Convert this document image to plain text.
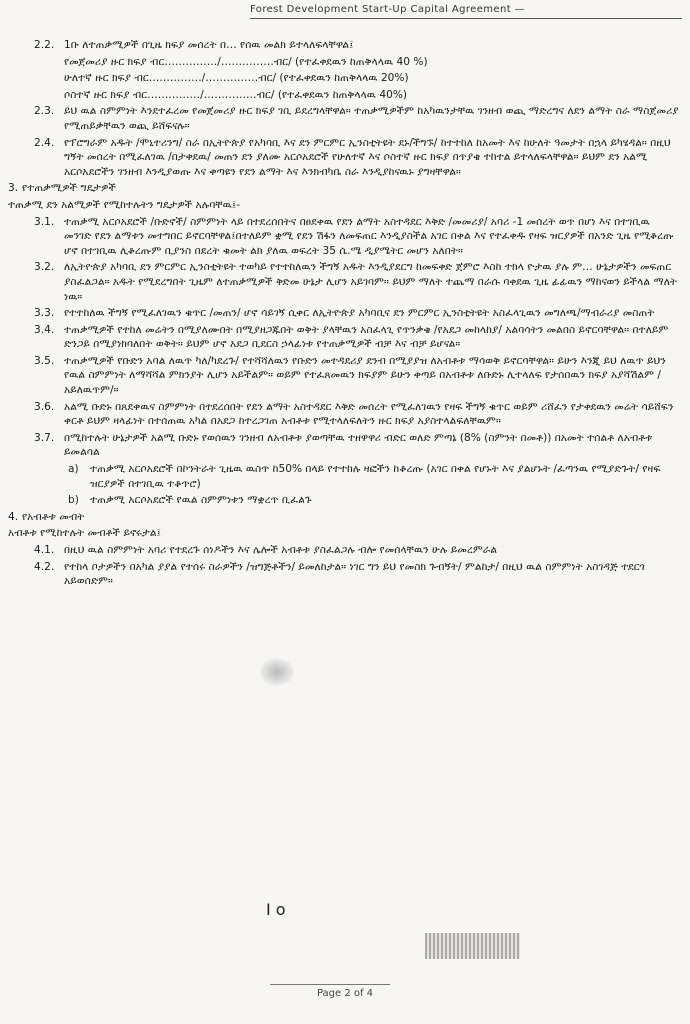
Forest Development Start-Up Capital Agreement —
2.2. 1ቡ ለተጠቃሚዎች በጊዜ ክፍያ መሰረት በ… የሰዉ መልክ ይተላለፍላቸዋል፤
የመጀመሪያ ዙር ክፍያ ብር……………/……………ብር/ (የተፈቀደዉን ከጠቅላላዉ 40 %)
ሁለተኛ ዙር ክፍያ ብር……………/……………ብር/ (የተፈቀደዉን ከጠቅላላዉ 20%)
ሶስተኛ ዙር ክፍያ ብር……………/……………ብር/ (የተፈቀደዉን ከጠቅላላዉ 40%)
2.3. ይህ ዉል ስምምነት እንደተፈረመ የመጀመሪያ ዙር ክፍያ ገቢ ይደረግላቸዋል። ተጠቃሚዎችም ከአካዉንታቸዉ ገንዘብ ወጪ ማድረግና ለደን ልማት ስራ ማስጀመሪያ የሚጠይቃቸዉን ወጪ ይሸፍናሉ።
2.4. የፕሮግራም አዱት /ሞኒተሪንግ/ ስራ በኢትዮጵያ የአካባቢ እና ደን ምርምር ኢንስቲትዩት ደኑ/ችግኙ/ ከተተከለ ከአመት እና ከሁለት ዓመታት በኋላ ይካሄዳል። በዚህ ግኝት መሰረት በሚፈለገዉ /በታቀደዉ/ መጠን ደን ያለሙ አርሶአደሮች የሁለተኛ እና ሶስተኛ ዙር ክፍያ በጥያቄ ተከተል ይተላለፍላቸዋል። ይህም ደን አልሚ አርሶአደሮችን ገንዘብ እንዲያወጡ እና ቀጣዩን የደን ልማት እና እንክብካቤ ስራ እንዲያከናዉኑ ያግዛቸዋል።
3. የተጠቃሚዎች ግዴታዎች
ተጠቃሚ ደን አልሚዎች የሚከተሉትን ግዴታዎች አሉባቸዉ፤-
3.1. ተጠቃሚ አርሶአደሮች /ቡድኖች/ ስምምነት ላይ በተደረሰበትና በፀደቀዉ የደን ልማት አስተዳደር እቅድ /መመሪያ/ አባሪ -1 መሰረት ወጥ በሆነ እና በተገቢዉ መንገድ የደን ልማቱን መተግበር ይኖርባቸዋል፤በተለይም ቋሚ የደን ሽፋን ለመፍጠር እንዲያስችል አገር በቀል እና የተፈቀዱ የዛፍ ዝርያዎች በአንድ ጊዜ የሚቆረጡ ሆኖ በተገቢዉ ሊቆረጡም ቢያንስ በደረት ቁመት ልክ ያለዉ ወፍረት 35 ሴ.ሜ ዲያሜትር መሆን አለበት።
3.2. ለኢትዮጵያ አካባቢ ደን ምርምር ኢንስቲትዩት ተወካይ የተተከለዉን ችግኝ አዱት እንዲያደርግ ከመፍቀድ ጀምሮ እስከ ተክላ ዮታዉ ያሉ ም… ሁኔታዎችን መፍጠር ያስፈልጋል። አዱት የሚደረግበት ጊዜም ለተጠቃሚዎች ቅድመ ሁኔታ ሊሆን አይገባም። ይህም ማለት ተጨማ በራሱ ባቀደዉ ጊዜ ፊፊዉን ማከናወን ይችላል ማለት ነዉ።
3.3. የተተከለዉ ችግኝ የሚፈለገዉን ቁጥር /መጠን/ ሆኖ ሳይገኝ ሲቀር ለኢትዮጵያ አካባቢና ደን ምርምር ኢንስቲትዩት አስፈላጊዉን መግለጫ/ማብራሪያ መስጠት
3.4. ተጠቃሚዎች የተከለ መሬትን በሚያለሙበት በሚያዘጋጁበት ወቅት ያላቸዉን አስፈላጊ የጥንቃቄ /የአደጋ መከላከያ/ አልባሳትን መልበስ ይኖርባቸዋል። በተለይም ድንጋይ በሚያነክባለበት ወቅት። ይህም ሆኖ አደጋ ቢደርስ ኃላፊነቱ የተጠቃሚዎች ብቻ እና ብቻ ይሆናል።
3.5. ተጠቃሚዎች የቡድን አባል ለዉጥ ካለ/ካደረጉ/ የተሻሻለዉን የቡድን መተዳደሪያ ደንብ በሚያያዝ ለአብቶቱ ማሳወቅ ይኖርባቸዋል። ይሁን እንጂ ይህ ለዉጥ ይህን የዉል ስምምነት ለማሻሻል ምክንያት ሊሆን አይችልም። ወይም የተፈጸመዉን ክፍያም ይሁን ቀጣይ በአብቶቱ ለቡድኑ ሊተላለፍ የታሰበዉን ክፍያ አያሻሽልም /አይለዉጥም/።
3.6. አልሚ ቡድኑ በጸደቀዉና ስምምነት በተደረሰበት የደን ልማት አስተዳደር እቅድ መሰረት የሚፈለገዉን የዛፍ ችግኝ ቁጥር ወይም ሪሸፈን የታቀደዉን መሬት ሳይሸፍን ቀርቶ ይህም ዛላፊነት በተሰጠዉ አካል በአደጋ ከተረጋገጠ አብቶቱ የሚተላለፍለትን ዙር ክፍያ አያስተላልፍለቸዉም።
3.7. በሚከተሉት ሁኔታዎች አልሚ ቡድኑ የወሰዉን ገንዘብ ለአብቶቱ ያወጣቸዉ ተዘዋዋሪ ብድር ወለድ ምጣኔ (8% (ስምንት በመቶ)) በአመት ተሰልቶ ለአብቶቱ ይመልሳል
a) ተጠቃሚ አርሶአደሮች በኮንትራት ጊዜዉ ዉስጥ ከ50% በላይ የተተከሉ ዛፎችን ከቆረጡ (አገር በቀል የሆኑት እና ያልሆኑት /ፈጣንዉ የሚያድጉት/ የዛፍ ዝርያዎች በተገቢዉ ተቆጥሮ)
b) ተጠቃሚ አርሶአደሮች የዉል ስምምነቱን ማቋረጥ ቢፈልጉ
4. የአብቶቱ መብት
አብቶቱ የሚከተሉት መብቶች ይኖሩታል፤
4.1. በዚህ ዉል ስምምነት አባሪ የተደረጉ ሰነዶችን እና ሌሎች አብቶቱ ያስፈልጋሉ ብሎ የመሰላቸዉን ሁሉ ይመረምራል
4.2. የተከላ ቦታዎችን በአካል ያያል የተሰሩ ስራዎችን /ዝግጅቶችን/ ይመለከታል። ነገር ግን ይህ የመስክ ጉብኝት/ ምልከታ/ በዚህ ዉል ስምምነት አስገዳጅ ተደርጎ አይወሰድም።
I o
Page 2 of 4
